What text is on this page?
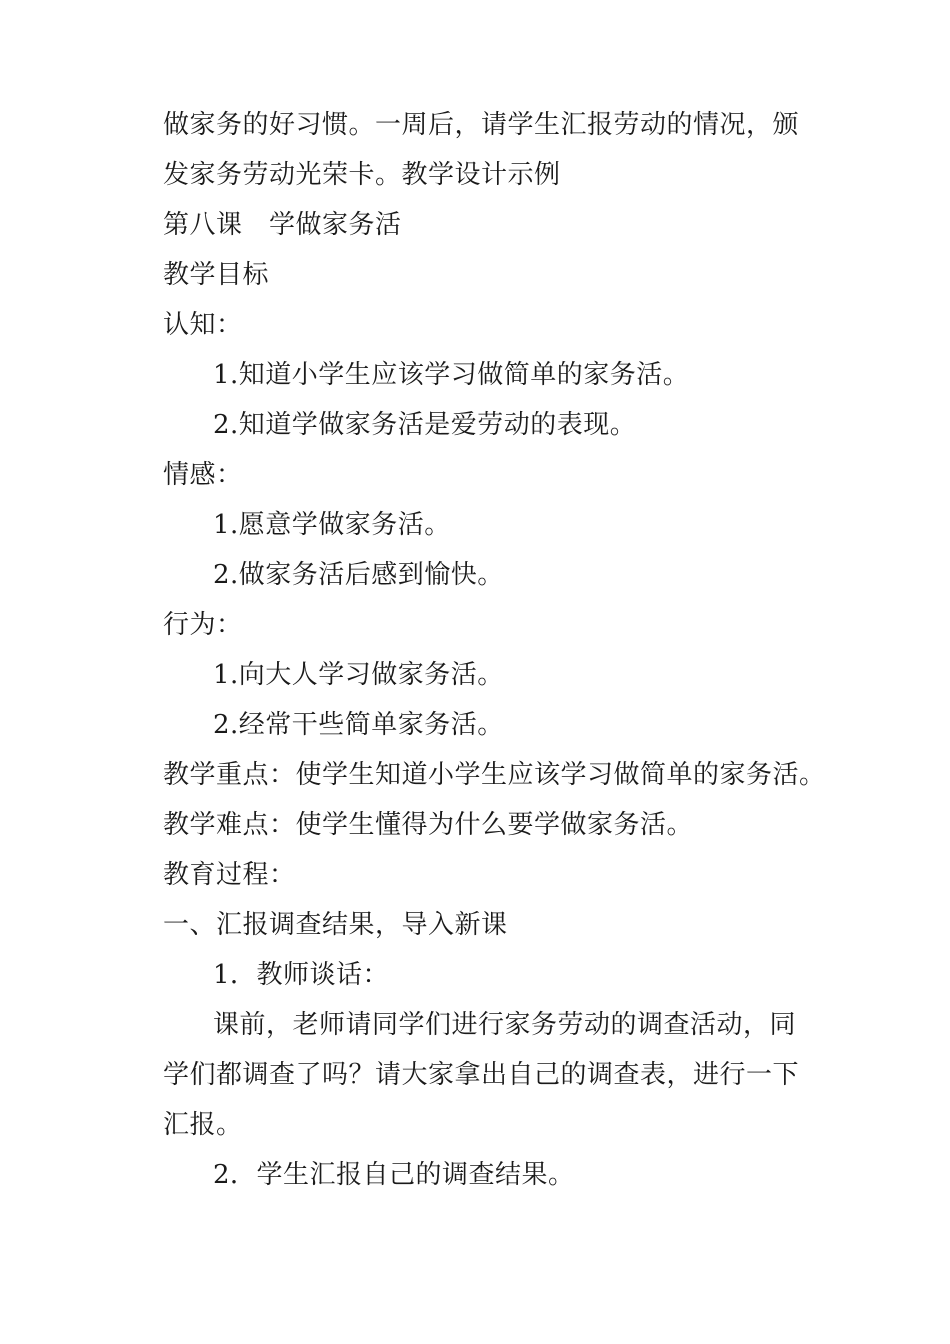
做家务的好习惯。一周后，请学生汇报劳动的情况，颁
发家务劳动光荣卡。教学设计示例
第八课　学做家务活
教学目标
认知：
1.知道小学生应该学习做简单的家务活。
2.知道学做家务活是爱劳动的表现。
情感：
1.愿意学做家务活。
2.做家务活后感到愉快。
行为：
1.向大人学习做家务活。
2.经常干些简单家务活。
教学重点：使学生知道小学生应该学习做简单的家务活。
教学难点：使学生懂得为什么要学做家务活。
教育过程：
一、汇报调查结果，导入新课
1．教师谈话：
课前，老师请同学们进行家务劳动的调查活动，同
学们都调查了吗？请大家拿出自己的调查表，进行一下
汇报。
2．学生汇报自己的调查结果。
